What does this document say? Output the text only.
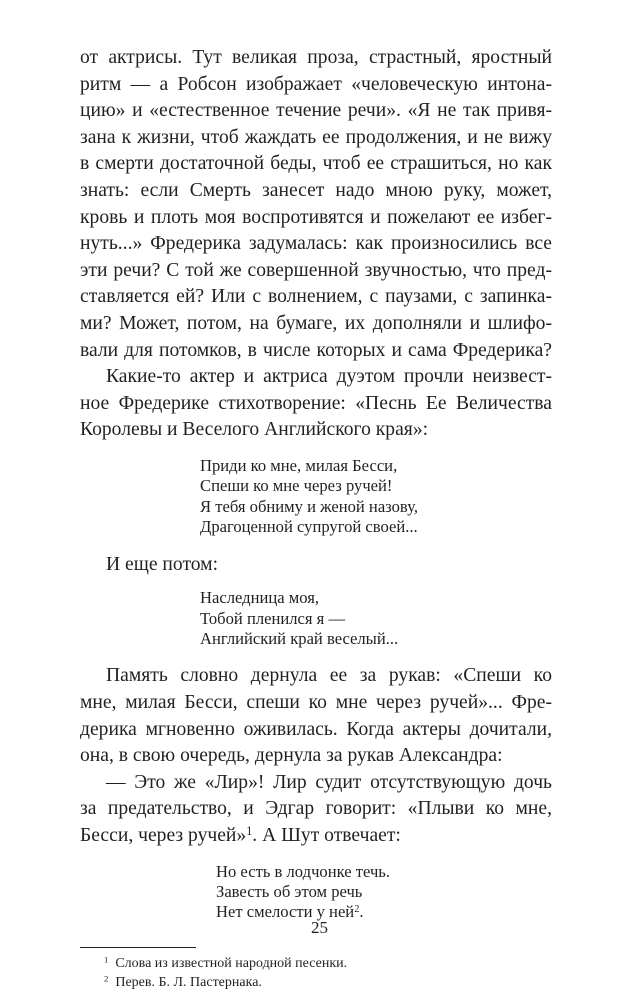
от актрисы. Тут великая проза, страстный, яростный
ритм — а Робсон изображает «человеческую интона-
цию» и «естественное течение речи». «Я не так привя-
зана к жизни, чтоб жаждать ее продолжения, и не вижу
в смерти достаточной беды, чтоб ее страшиться, но как
знать: если Смерть занесет надо мною руку, может,
кровь и плоть моя воспротивятся и пожелают ее избег-
нуть...» Фредерика задумалась: как произносились все
эти речи? С той же совершенной звучностью, что пред-
ставляется ей? Или с волнением, с паузами, с запинка-
ми? Может, потом, на бумаге, их дополняли и шлифо-
вали для потомков, в числе которых и сама Фредерика?

Какие-то актер и актриса дуэтом прочли неизвест-
ное Фредерике стихотворение: «Песнь Ее Величества
Королевы и Веселого Английского края»:

Приди ко мне, милая Бесси,
Спеши ко мне через ручей!
Я тебя обниму и женой назову,
Драгоценной супругой своей...

И еще потом:

Наследница моя,
Тобой пленился я —
Английский край веселый...

Память словно дернула ее за рукав: «Спеши ко
мне, милая Бесси, спеши ко мне через ручей»... Фре-
дерика мгновенно оживилась. Когда актеры дочитали,
она, в свою очередь, дернула за рукав Александра:

— Это же «Лир»! Лир судит отсутствующую дочь
за предательство, и Эдгар говорит: «Плыви ко мне,
Бесси, через ручей»$^1$. А Шут отвечает:

Но есть в лодчонке течь.
Завесть об этом речь
Нет смелости у ней$^2$.

$^1$ Слова из известной народной песенки.

$^2$ Перев. Б. Л. Пастернака.

25
